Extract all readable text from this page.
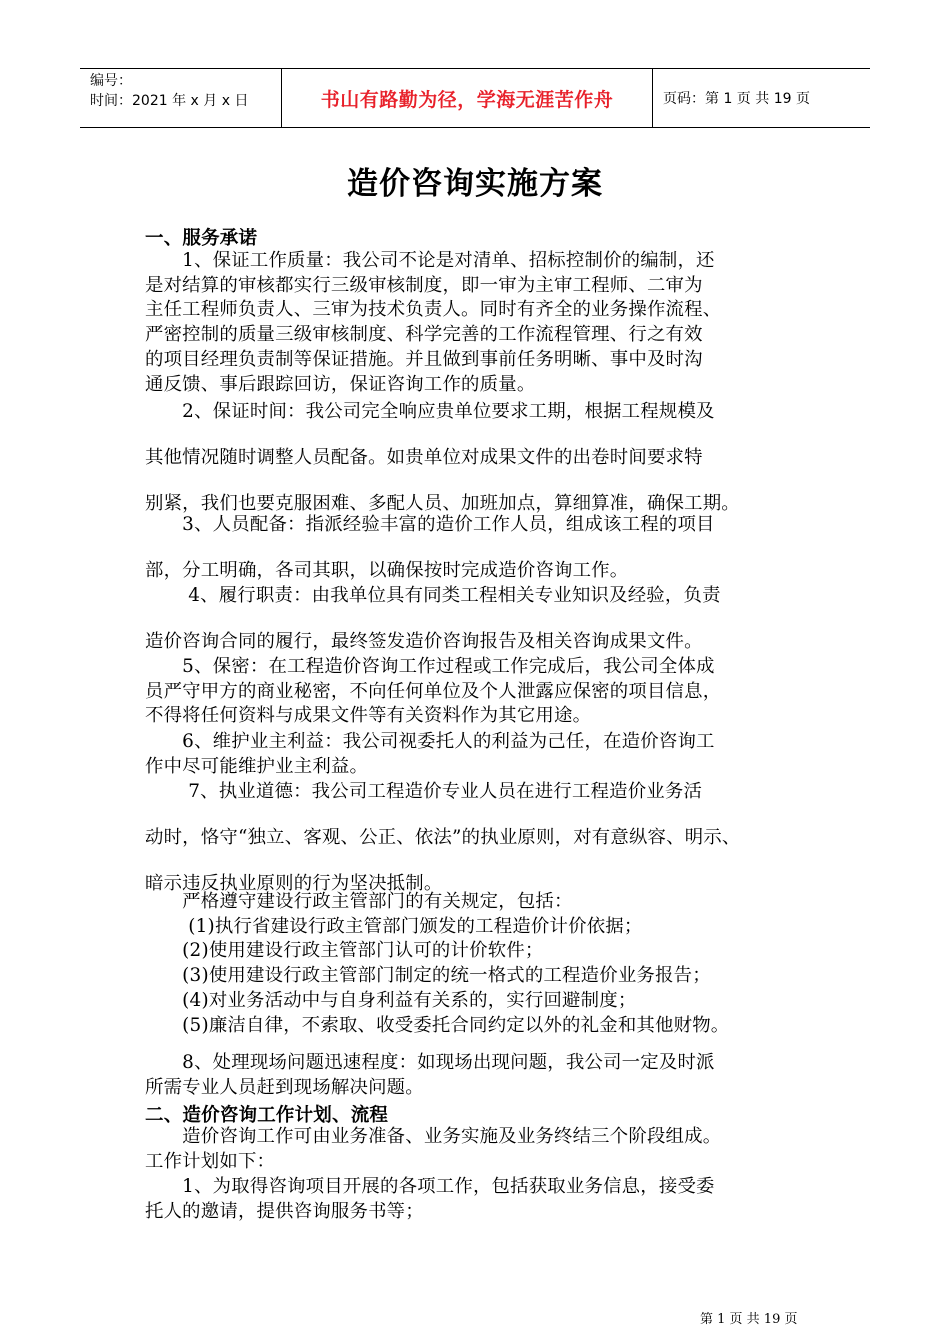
编号：
时间：2021 年 x 月 x 日	书山有路勤为径，学海无涯苦作舟	页码：第 1 页 共 19 页
造价咨询实施方案
一、服务承诺
　　1、保证工作质量：我公司不论是对清单、招标控制价的编制，还
是对结算的审核都实行三级审核制度，即一审为主审工程师、二审为
主任工程师负责人、三审为技术负责人。同时有齐全的业务操作流程、
严密控制的质量三级审核制度、科学完善的工作流程管理、行之有效
的项目经理负责制等保证措施。并且做到事前任务明晰、事中及时沟
通反馈、事后跟踪回访，保证咨询工作的质量。
　　2、保证时间：我公司完全响应贵单位要求工期，根据工程规模及
其他情况随时调整人员配备。如贵单位对成果文件的出卷时间要求特
别紧，我们也要克服困难、多配人员、加班加点，算细算准，确保工期。
　　3、人员配备：指派经验丰富的造价工作人员，组成该工程的项目
部，分工明确，各司其职，以确保按时完成造价咨询工作。
　　 4、履行职责：由我单位具有同类工程相关专业知识及经验，负责
造价咨询合同的履行，最终签发造价咨询报告及相关咨询成果文件。
　　5、保密：在工程造价咨询工作过程或工作完成后，我公司全体成
员严守甲方的商业秘密，不向任何单位及个人泄露应保密的项目信息，
不得将任何资料与成果文件等有关资料作为其它用途。
　　6、维护业主利益：我公司视委托人的利益为己任，在造价咨询工
作中尽可能维护业主利益。
　　 7、执业道德：我公司工程造价专业人员在进行工程造价业务活
动时，恪守“独立、客观、公正、依法”的执业原则，对有意纵容、明示、
暗示违反执业原则的行为坚决抵制。
　　严格遵守建设行政主管部门的有关规定，包括：
　　 (1)执行省建设行政主管部门颁发的工程造价计价依据；
　　(2)使用建设行政主管部门认可的计价软件；
　　(3)使用建设行政主管部门制定的统一格式的工程造价业务报告；
　　(4)对业务活动中与自身利益有关系的，实行回避制度；
　　(5)廉洁自律，不索取、收受委托合同约定以外的礼金和其他财物。
　　8、处理现场问题迅速程度：如现场出现问题，我公司一定及时派
所需专业人员赶到现场解决问题。
二、造价咨询工作计划、流程
　　造价咨询工作可由业务准备、业务实施及业务终结三个阶段组成。
工作计划如下：
　　1、为取得咨询项目开展的各项工作，包括获取业务信息，接受委
托人的邀请，提供咨询服务书等；
第 1 页 共 19 页
